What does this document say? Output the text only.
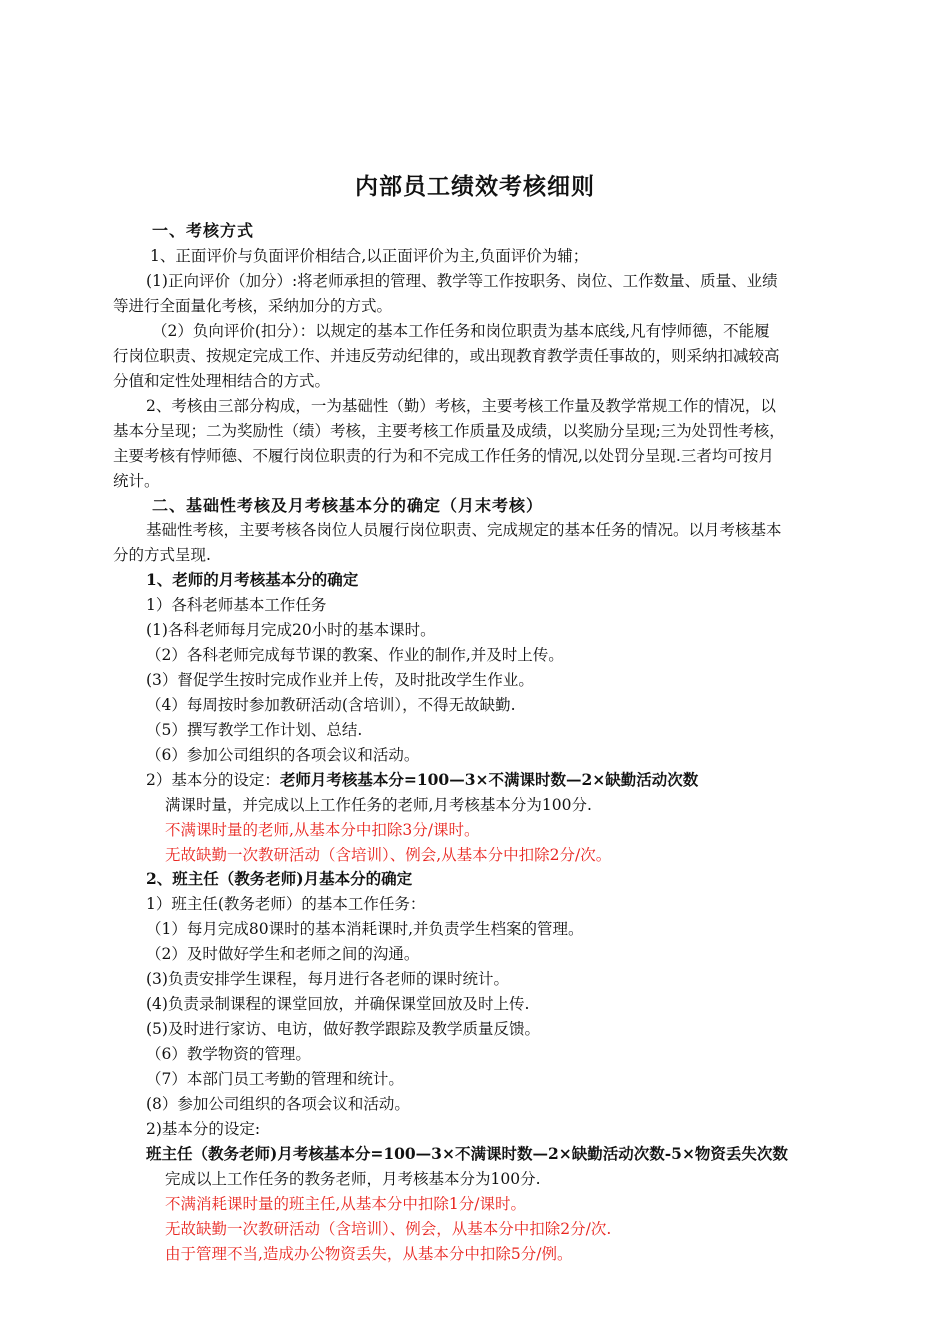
内部员工绩效考核细则
一、考核方式
1、正面评价与负面评价相结合,以正面评价为主,负面评价为辅；
(1)正向评价（加分）:将老师承担的管理、教学等工作按职务、岗位、工作数量、质量、业绩
等进行全面量化考核，采纳加分的方式。
（2）负向评价(扣分）：以规定的基本工作任务和岗位职责为基本底线,凡有悖师德，不能履
行岗位职责、按规定完成工作、并违反劳动纪律的，或出现教育教学责任事故的，则采纳扣减较高
分值和定性处理相结合的方式。
2、考核由三部分构成，一为基础性（勤）考核，主要考核工作量及教学常规工作的情况，以
基本分呈现；二为奖励性（绩）考核，主要考核工作质量及成绩，以奖励分呈现;三为处罚性考核，
主要考核有悖师德、不履行岗位职责的行为和不完成工作任务的情况,以处罚分呈现.三者均可按月
统计。
二、基础性考核及月考核基本分的确定（月末考核）
基础性考核，主要考核各岗位人员履行岗位职责、完成规定的基本任务的情况。以月考核基本
分的方式呈现.
1、老师的月考核基本分的确定
1）各科老师基本工作任务
(1)各科老师每月完成20小时的基本课时。
（2）各科老师完成每节课的教案、作业的制作,并及时上传。
(3）督促学生按时完成作业并上传，及时批改学生作业。
（4）每周按时参加教研活动(含培训），不得无故缺勤.
（5）撰写教学工作计划、总结.
（6）参加公司组织的各项会议和活动。
2）基本分的设定：老师月考核基本分=100—3×不满课时数—2×缺勤活动次数
满课时量，并完成以上工作任务的老师,月考核基本分为100分.
不满课时量的老师,从基本分中扣除3分/课时。
无故缺勤一次教研活动（含培训）、例会,从基本分中扣除2分/次。
2、班主任（教务老师)月基本分的确定
1）班主任(教务老师）的基本工作任务：
（1）每月完成80课时的基本消耗课时,并负责学生档案的管理。
（2）及时做好学生和老师之间的沟通。
(3)负责安排学生课程，每月进行各老师的课时统计。
(4)负责录制课程的课堂回放，并确保课堂回放及时上传.
(5)及时进行家访、电访，做好教学跟踪及教学质量反馈。
（6）教学物资的管理。
（7）本部门员工考勤的管理和统计。
(8）参加公司组织的各项会议和活动。
2)基本分的设定:
班主任（教务老师)月考核基本分=100—3×不满课时数—2×缺勤活动次数-5×物资丢失次数
完成以上工作任务的教务老师，月考核基本分为100分.
不满消耗课时量的班主任,从基本分中扣除1分/课时。
无故缺勤一次教研活动（含培训）、例会，从基本分中扣除2分/次.
由于管理不当,造成办公物资丢失，从基本分中扣除5分/例。
